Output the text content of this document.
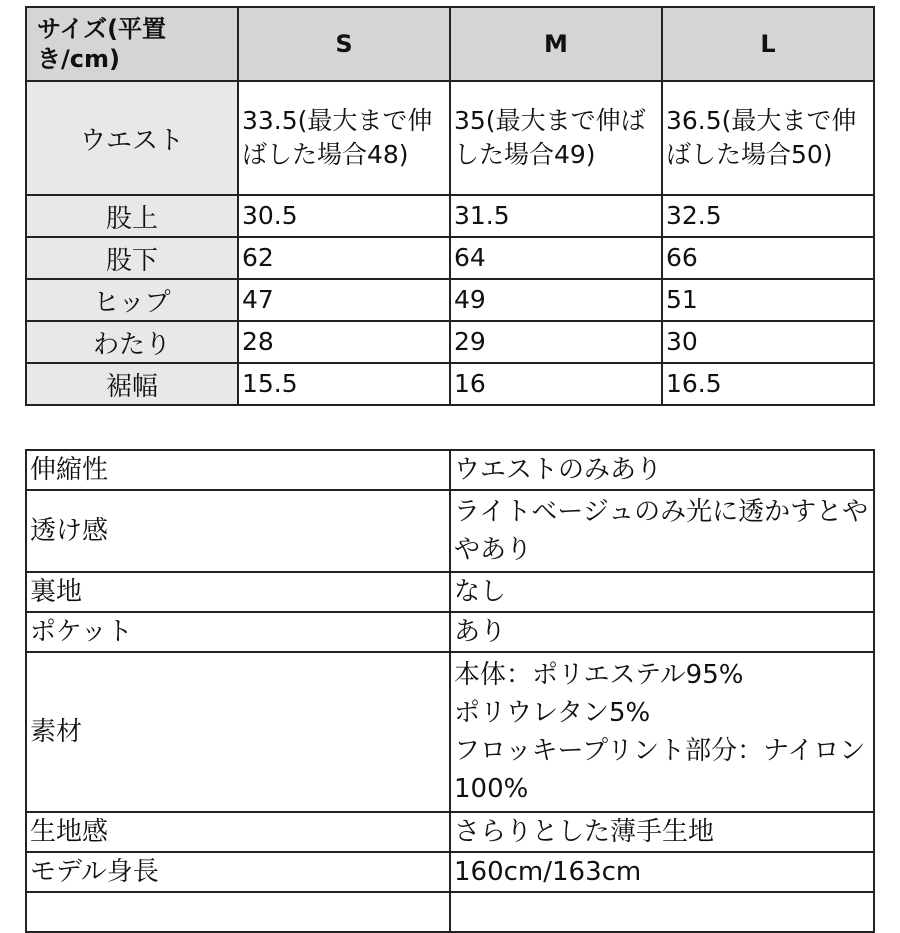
サイズ(平置き/cm)	S	M	L
ウエスト	33.5(最大まで伸ばした場合48)	35(最大まで伸ばした場合49)	36.5(最大まで伸ばした場合50)
股上	30.5	31.5	32.5
股下	62	64	66
ヒップ	47	49	51
わたり	28	29	30
裾幅	15.5	16	16.5
伸縮性	ウエストのみあり
透け感	ライトベージュのみ光に透かすとややあり
裏地	なし
ポケット	あり
素材	本体：ポリエステル95%
ポリウレタン5%
フロッキープリント部分：ナイロン100%
生地感	さらりとした薄手生地
モデル身長	160cm/163cm
